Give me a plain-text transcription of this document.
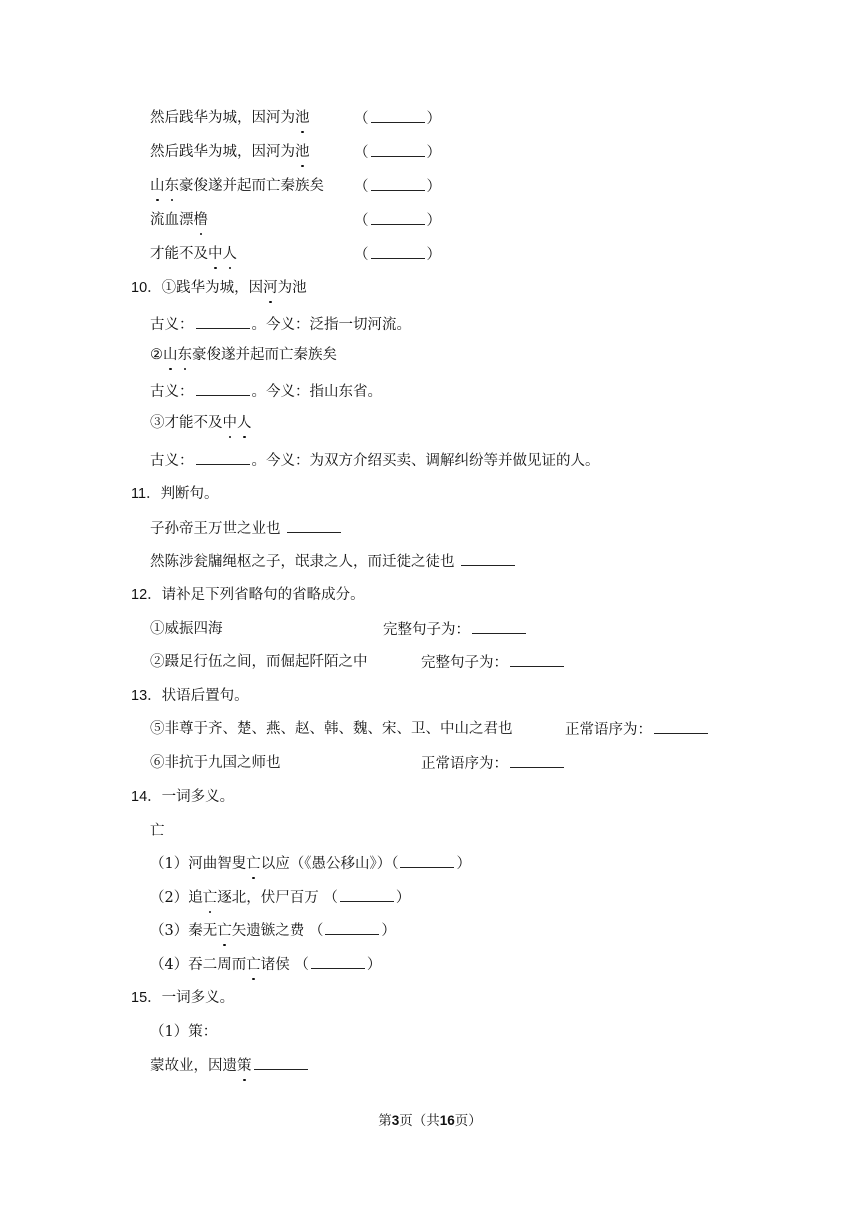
然后践华为城，因河为池	（	）
然后践华为城，因河为池	（	）
山东豪俊遂并起而亡秦族矣 （	）
流血漂橹	（	）
才能不及中人	（	）
10．①践华为城，因河为池
古义：	。今义：泛指一切河流。
②山东豪俊遂并起而亡秦族矣
古义：	。今义：指山东省。
③才能不及中人
古义：	。今义：为双方介绍买卖、调解纠纷等并做见证的人。
11．判断句。
子孙帝王万世之业也
然陈涉瓮牖绳枢之子，氓隶之人，而迁徙之徒也
12．请补足下列省略句的省略成分。
①威振四海	完整句子为：
②蹑足行伍之间，而倔起阡陌之中	完整句子为：
13．状语后置句。
⑤非尊于齐、楚、燕、赵、韩、魏、宋、卫、中山之君也	正常语序为：
⑥非抗于九国之师也	正常语序为：
14．一词多义。
亡
（1）河曲智叟亡以应（《愚公移山》）（	）
（2）追亡逐北，伏尸百万 （	）
（3）秦无亡矢遗镞之费 （	）
（4）吞二周而亡诸侯 （	）
15．一词多义。
（1）策：
蒙故业，因遗策
第3页（共16页）
